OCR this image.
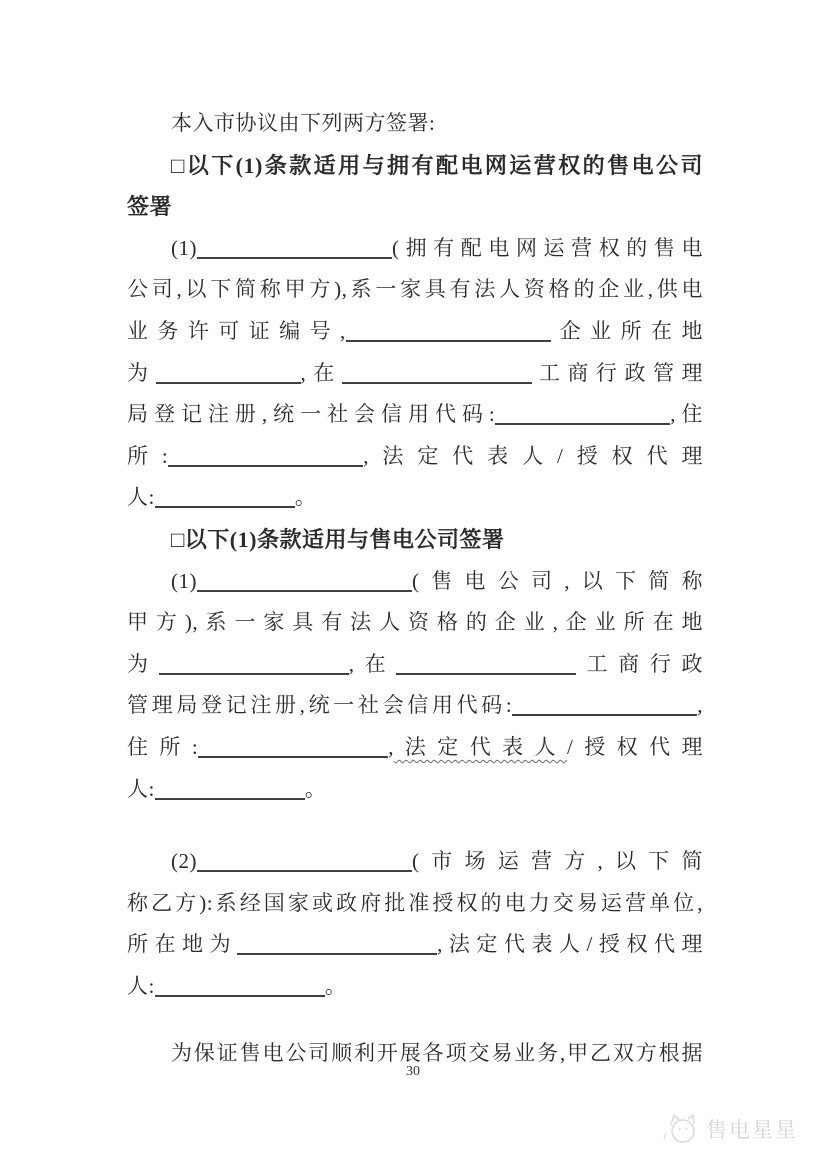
本入市协议由下列两方签署:
□以下(1)条款适用与拥有配电网运营权的售电公司
签署
(1)	(拥有配电网运营权的售电
公司,以下简称甲方),系一家具有法人资格的企业,供电
业务许可证编号,	企业所在地
为	,在	工商行政管理
局登记注册,统一社会信用代码:	,住
所:	,法定代表人/授权代理
人:	。
□以下(1)条款适用与售电公司签署
(1)	(售电公司,以下简称
甲方),系一家具有法人资格的企业,企业所在地
为	,在	工商行政
管理局登记注册,统一社会信用代码:	,
住所:	,法定代表人/授权代理
人:	。
(2)	(市场运营方,以下简
称乙方):系经国家或政府批准授权的电力交易运营单位,
所在地为	,法定代表人/授权代理
人:	。
为保证售电公司顺利开展各项交易业务,甲乙双方根据
30
售电星星
